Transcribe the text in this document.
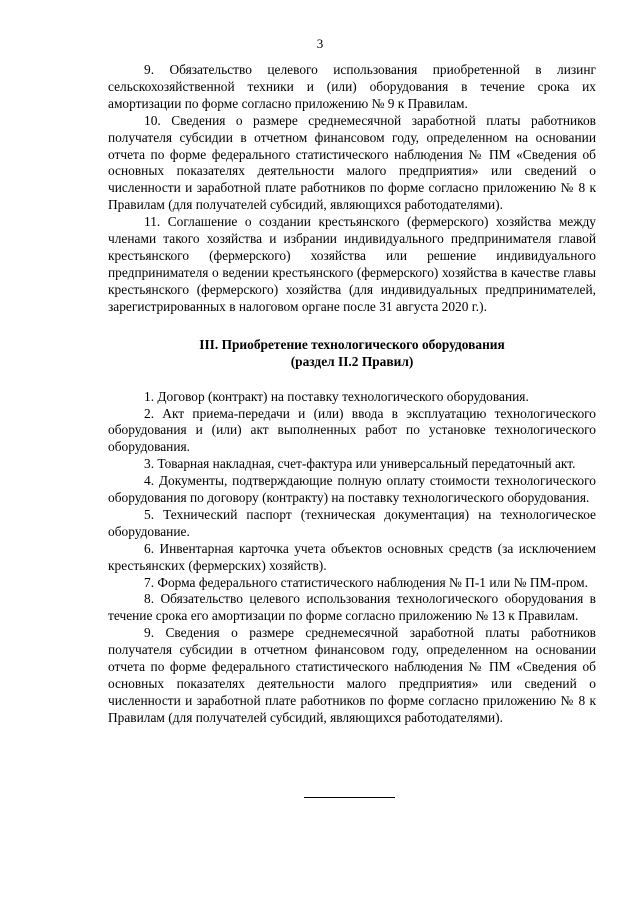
3

9. Обязательство целевого использования приобретенной в лизинг сельскохозяйственной техники и (или) оборудования в течение срока их амортизации по форме согласно приложению № 9 к Правилам.

10. Сведения о размере среднемесячной заработной платы работников получателя субсидии в отчетном финансовом году, определенном на основании отчета по форме федерального статистического наблюдения № ПМ «Сведения об основных показателях деятельности малого предприятия» или сведений о численности и заработной плате работников по форме согласно приложению № 8 к Правилам (для получателей субсидий, являющихся работодателями).

11. Соглашение о создании крестьянского (фермерского) хозяйства между членами такого хозяйства и избрании индивидуального предпринимателя главой крестьянского (фермерского) хозяйства или решение индивидуального предпринимателя о ведении крестьянского (фермерского) хозяйства в качестве главы крестьянского (фермерского) хозяйства (для индивидуальных предпринимателей, зарегистрированных в налоговом органе после 31 августа 2020 г.).

III. Приобретение технологического оборудования
(раздел II.2 Правил)

1. Договор (контракт) на поставку технологического оборудования.

2. Акт приема-передачи и (или) ввода в эксплуатацию технологического оборудования и (или) акт выполненных работ по установке технологического оборудования.

3. Товарная накладная, счет-фактура или универсальный передаточный акт.

4. Документы, подтверждающие полную оплату стоимости технологического оборудования по договору (контракту) на поставку технологического оборудования.

5. Технический паспорт (техническая документация) на технологическое оборудование.

6. Инвентарная карточка учета объектов основных средств (за исключением крестьянских (фермерских) хозяйств).

7. Форма федерального статистического наблюдения № П-1 или № ПМ-пром.

8. Обязательство целевого использования технологического оборудования в течение срока его амортизации по форме согласно приложению № 13 к Правилам.

9. Сведения о размере среднемесячной заработной платы работников получателя субсидии в отчетном финансовом году, определенном на основании отчета по форме федерального статистического наблюдения № ПМ «Сведения об основных показателях деятельности малого предприятия» или сведений о численности и заработной плате работников по форме согласно приложению № 8 к Правилам (для получателей субсидий, являющихся работодателями).
